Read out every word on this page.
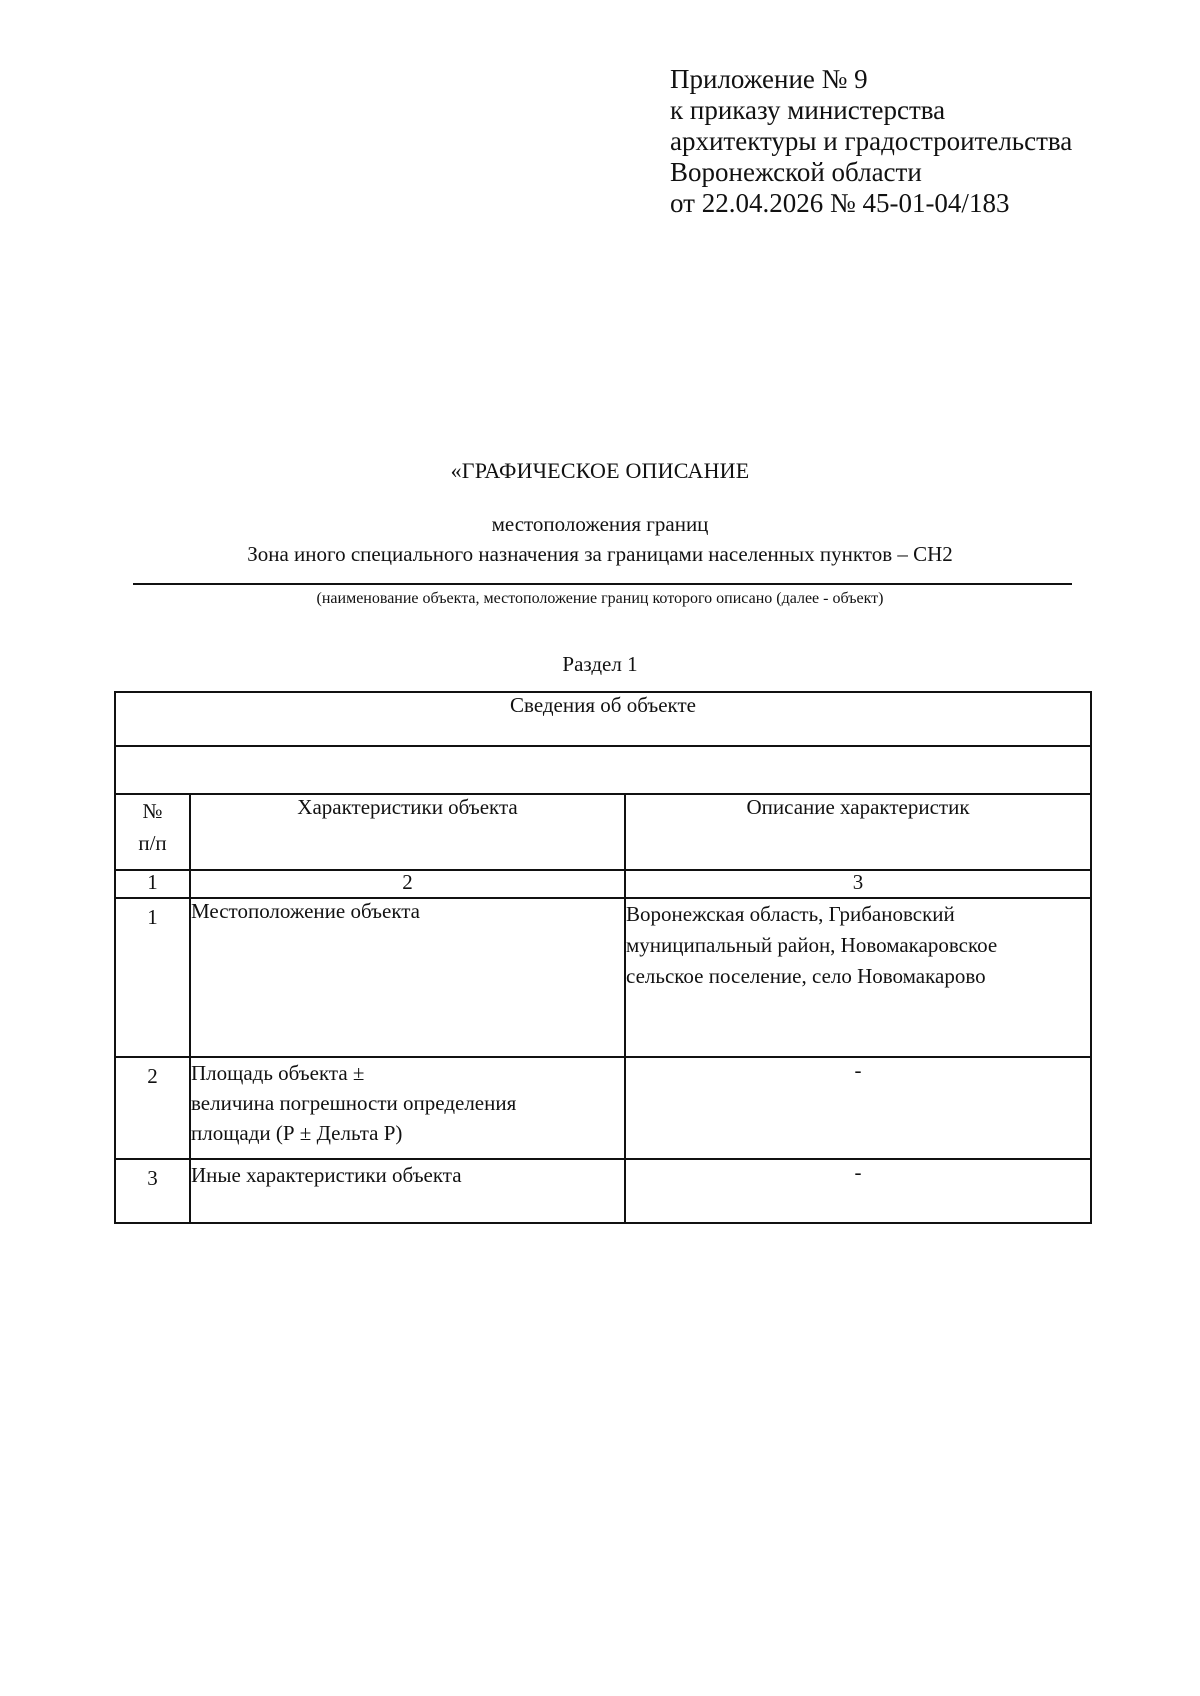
Приложение № 9
к приказу министерства
архитектуры и градостроительства
Воронежской области
от 22.04.2026 № 45-01-04/183
«ГРАФИЧЕСКОЕ ОПИСАНИЕ
местоположения границ
Зона иного специального назначения за границами населенных пунктов – СН2
(наименование объекта, местоположение границ которого описано (далее - объект)
Раздел 1
Сведения об объекте		

№
п/п	Характеристики объекта	Описание характеристик
1	2	3
1	Местоположение объекта	Воронежская область, Грибановский
муниципальный район, Новомакаровское
сельское поселение, село Новомакарово

2	Площадь объекта ±
величина погрешности определения
площади (Р ± Дельта Р)	-
3	Иные характеристики объекта	-
